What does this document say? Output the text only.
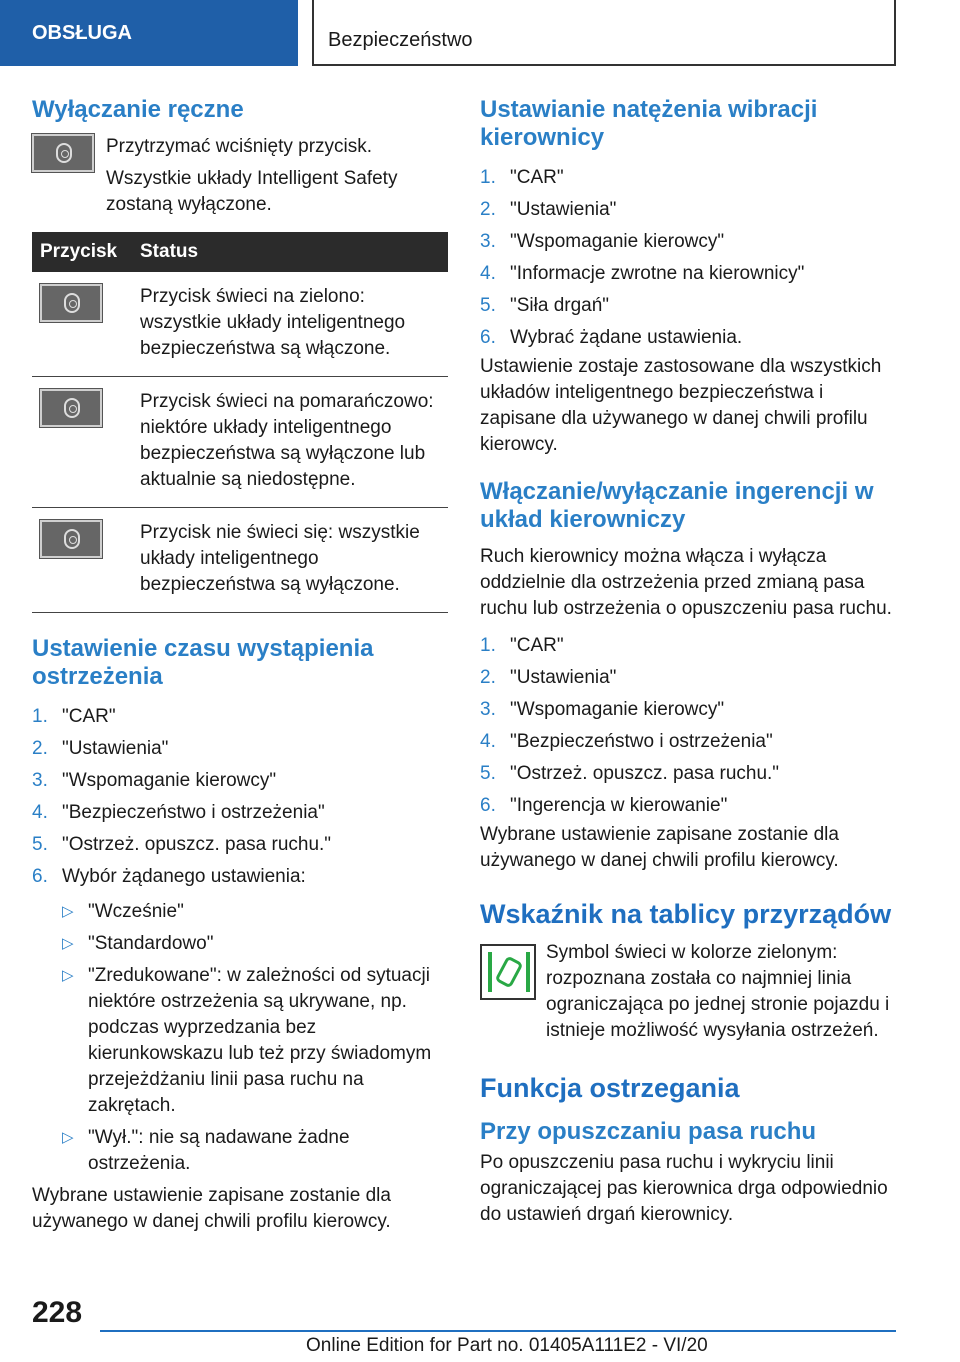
OBSŁUGA	Bezpieczeństwo
Wyłączanie ręczne

Przytrzymać wciśnięty przycisk.

Wszystkie układy Intelligent Safety zostaną wyłączone.

Przycisk	Status

	Przycisk świeci na zielono: wszystkie układy inteligentnego bezpieczeństwa są włączone.

	Przycisk świeci na pomarańczowo: niektóre układy inteligentnego bezpieczeństwa są wyłączone lub aktualnie są niedostępne.

	Przycisk nie świeci się: wszystkie układy inteligentnego bezpieczeństwa są wyłączone.
Ustawienie czasu wystąpienia ostrzeżenia
1. "CAR"
2. "Ustawienia"
3. "Wspomaganie kierowcy"
4. "Bezpieczeństwo i ostrzeżenia"
5. "Ostrzeż. opuszcz. pasa ruchu."
6. Wybór żądanego ustawienia:
▷ "Wcześnie"
▷ "Standardowo"
▷ "Zredukowane": w zależności od sytuacji niektóre ostrzeżenia są ukrywane, np. podczas wyprzedzania bez kierunkowskazu lub też przy świadomym przejeżdżaniu linii pasa ruchu na zakrętach.
▷ "Wył.": nie są nadawane żadne ostrzeżenia.

Wybrane ustawienie zapisane zostanie dla używanego w danej chwili profilu kierowcy.

Ustawianie natężenia wibracji kierownicy
1. "CAR"
2. "Ustawienia"
3. "Wspomaganie kierowcy"
4. "Informacje zwrotne na kierownicy"
5. "Siła drgań"
6. Wybrać żądane ustawienia.

Ustawienie zostaje zastosowane dla wszystkich układów inteligentnego bezpieczeństwa i zapisane dla używanego w danej chwili profilu kierowcy.

Włączanie/wyłączanie ingerencji w układ kierowniczy

Ruch kierownicy można włącza i wyłącza oddzielnie dla ostrzeżenia przed zmianą pasa ruchu lub ostrzeżenia o opuszczeniu pasa ruchu.

1. "CAR"
2. "Ustawienia"
3. "Wspomaganie kierowcy"
4. "Bezpieczeństwo i ostrzeżenia"
5. "Ostrzeż. opuszcz. pasa ruchu."
6. "Ingerencja w kierowanie"

Wybrane ustawienie zapisane zostanie dla używanego w danej chwili profilu kierowcy.

Wskaźnik na tablicy przyrządów

Symbol świeci w kolorze zielonym: rozpoznana została co najmniej linia ograniczająca po jednej stronie pojazdu i istnieje możliwość wysyłania ostrzeżeń.

Funkcja ostrzegania
Przy opuszczaniu pasa ruchu

Po opuszczeniu pasa ruchu i wykryciu linii ograniczającej pas kierownica drga odpowiednio do ustawień drgań kierownicy.

228
Online Edition for Part no. 01405A111E2 - VI/20
